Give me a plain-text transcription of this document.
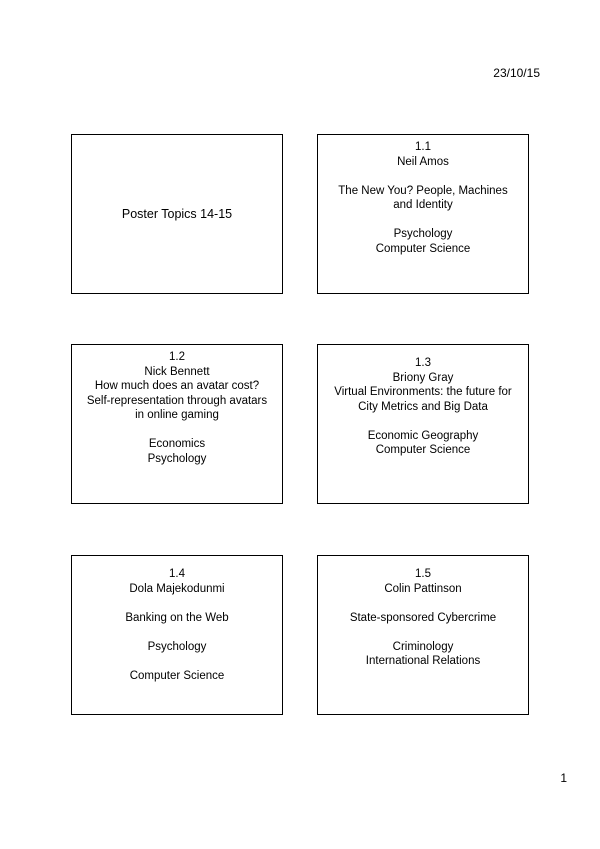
23/10/15
Poster Topics 14-15
1.1
Neil Amos
The New You? People, Machines
and Identity
Psychology
Computer Science
1.2
Nick Bennett
How much does an avatar cost?
Self-representation through avatars
in online gaming
Economics
Psychology
1.3
Briony Gray
Virtual Environments: the future for
City Metrics and Big Data
Economic Geography
Computer Science
1.4
Dola Majekodunmi
Banking on the Web
Psychology
Computer Science
1.5
Colin Pattinson
State-sponsored Cybercrime
Criminology
International Relations
1
